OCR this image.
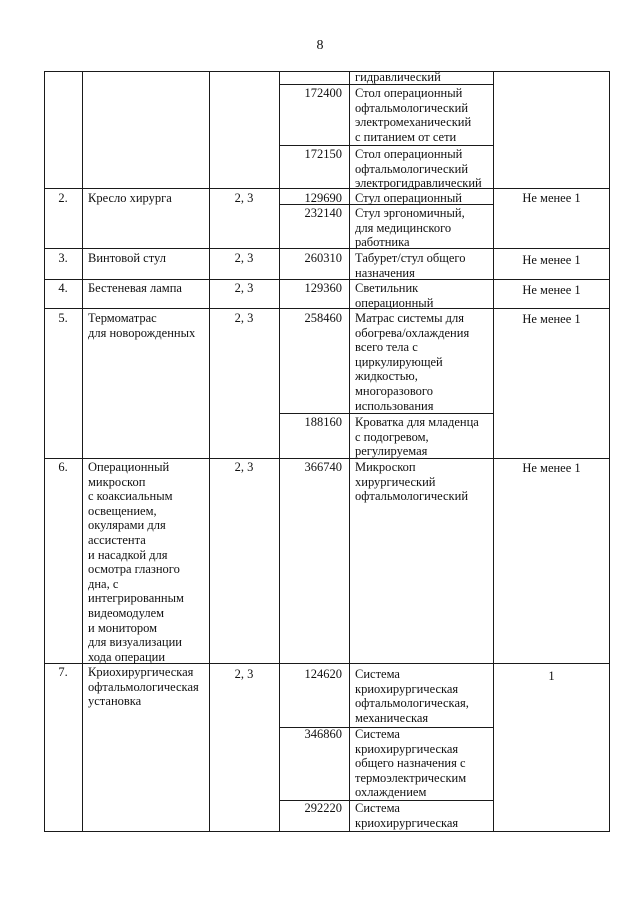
8
гидравлический
172400 Стол операционный
офтальмологический
электромеханический
с питанием от сети
172150 Стол операционный
офтальмологический
электрогидравлический
2.	Кресло хирурга	2, 3	129690 Стул операционный
232140 Стул эргономичный,
для медицинского
работника
Не менее 1
3.	Винтовой стул	2, 3	260310 Табурет/стул общего
назначения
Не менее 1
4.	Бестеневая лампа	2, 3	129360 Светильник
операционный
Не менее 1
5.	Термоматрас
для новорожденных
2, 3	258460 Матрас системы для
обогрева/охлаждения
всего тела с
циркулирующей
жидкостью,
многоразового
использования
188160 Кроватка для младенца
с подогревом,
регулируемая
Не менее 1
6.	Операционный
микроскоп
с коаксиальным
освещением,
окулярами для
ассистента
и насадкой для
осмотра глазного
дна, с
интегрированным
видеомодулем
и монитором
для визуализации
хода операции
2, 3	366740 Микроскоп
хирургический
офтальмологический
Не менее 1
7.	Криохирургическая
офтальмологическая
установка
2, 3	124620 Система
криохирургическая
офтальмологическая,
механическая
346860 Система
криохирургическая
общего назначения с
термоэлектрическим
охлаждением
292220 Система
криохирургическая
1
